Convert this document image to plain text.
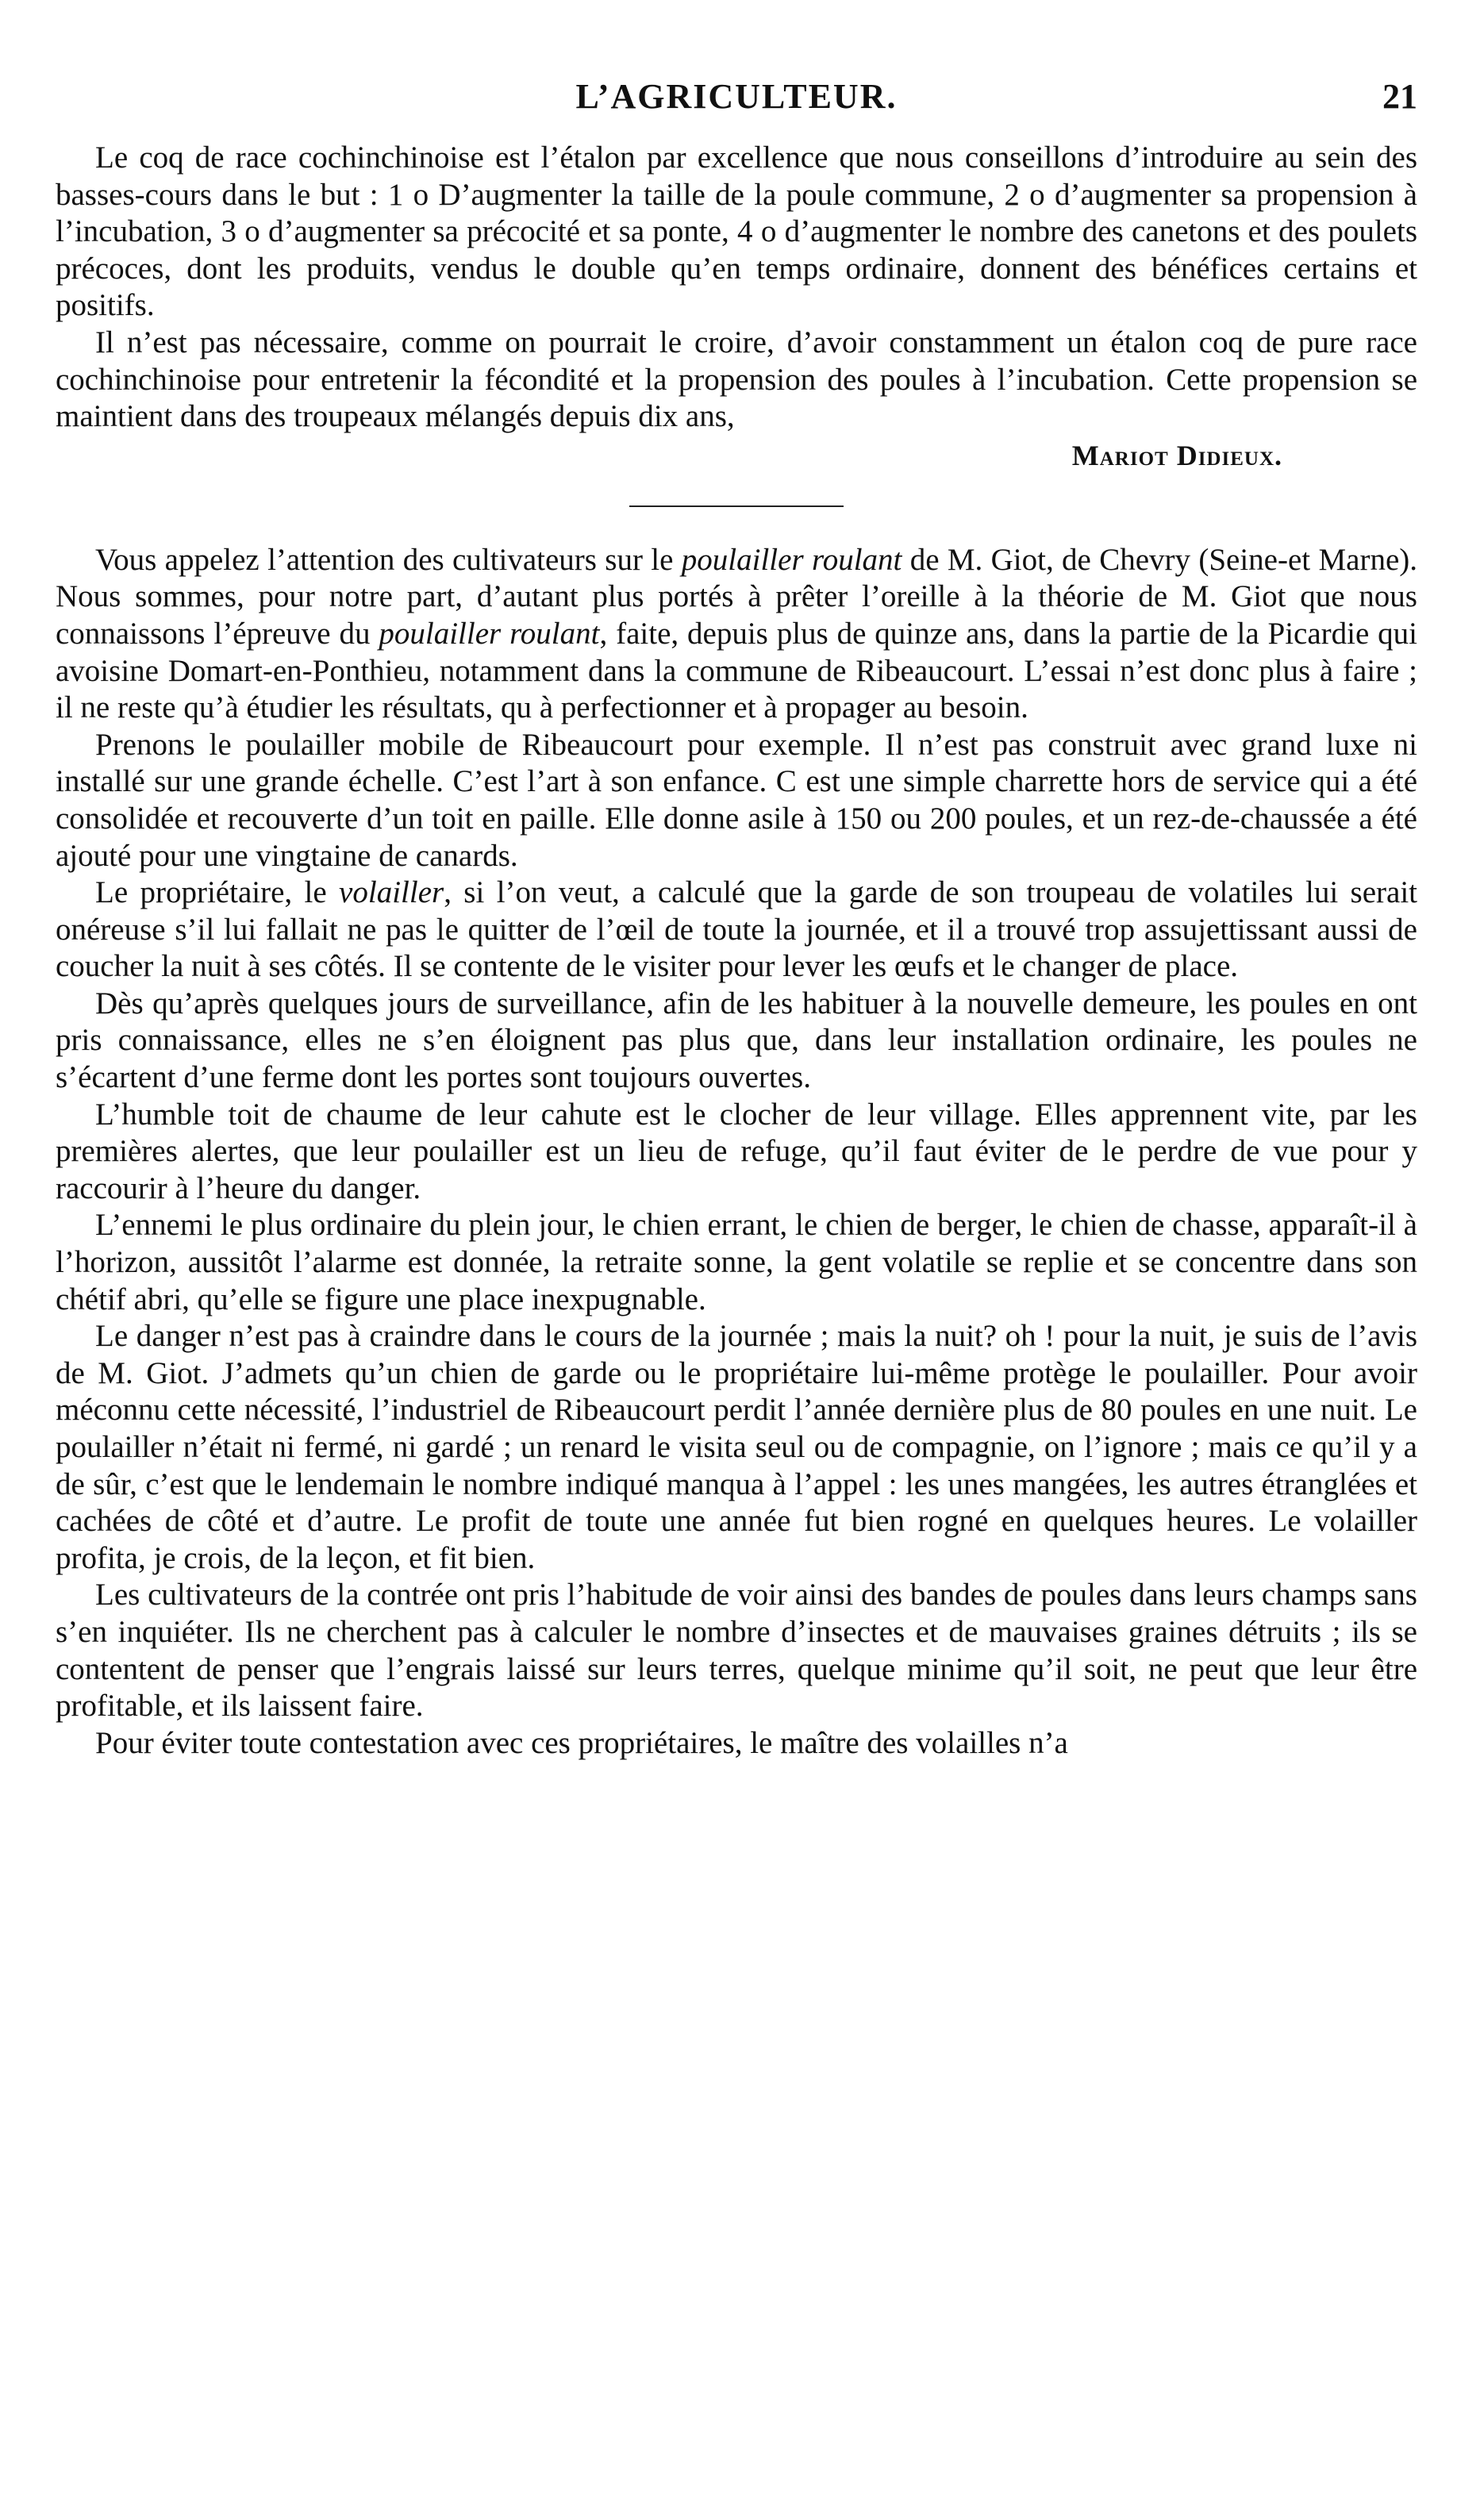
L’AGRICULTEUR.	21

Le coq de race cochinchinoise est l’étalon par excellence que nous conseillons d’introduire au sein des basses-cours dans le but : 1 o D’augmenter la taille de la poule commune, 2 o d’augmenter sa propension à l’incubation, 3 o d’augmenter sa précocité et sa ponte, 4 o d’augmenter le nombre des canetons et des poulets précoces, dont les produits, vendus le double qu’en temps ordinaire, donnent des bénéfices certains et positifs.

Il n’est pas nécessaire, comme on pourrait le croire, d’avoir constamment un étalon coq de pure race cochinchinoise pour entretenir la fécondité et la propension des poules à l’incubation. Cette propension se maintient dans des troupeaux mélangés depuis dix ans,

Mariot Didieux.

Vous appelez l’attention des cultivateurs sur le poulailler roulant de M. Giot, de Chevry (Seine-et Marne). Nous sommes, pour notre part, d’autant plus portés à prêter l’oreille à la théorie de M. Giot que nous connaissons l’épreuve du poulailler roulant, faite, depuis plus de quinze ans, dans la partie de la Picardie qui avoisine Domart-en-Ponthieu, notamment dans la commune de Ribeaucourt. L’essai n’est donc plus à faire ; il ne reste qu’à étudier les résultats, qu à perfectionner et à propager au besoin.

Prenons le poulailler mobile de Ribeaucourt pour exemple. Il n’est pas construit avec grand luxe ni installé sur une grande échelle. C’est l’art à son enfance. C est une simple charrette hors de service qui a été consolidée et recouverte d’un toit en paille. Elle donne asile à 150 ou 200 poules, et un rez-de-chaussée a été ajouté pour une vingtaine de canards.

Le propriétaire, le volailler, si l’on veut, a calculé que la garde de son troupeau de volatiles lui serait onéreuse s’il lui fallait ne pas le quitter de l’œil de toute la journée, et il a trouvé trop assujettissant aussi de coucher la nuit à ses côtés. Il se contente de le visiter pour lever les œufs et le changer de place.

Dès qu’après quelques jours de surveillance, afin de les habituer à la nouvelle demeure, les poules en ont pris connaissance, elles ne s’en éloignent pas plus que, dans leur installation ordinaire, les poules ne s’écartent d’une ferme dont les portes sont toujours ouvertes.

L’humble toit de chaume de leur cahute est le clocher de leur village. Elles apprennent vite, par les premières alertes, que leur poulailler est un lieu de refuge, qu’il faut éviter de le perdre de vue pour y raccourir à l’heure du danger.

L’ennemi le plus ordinaire du plein jour, le chien errant, le chien de berger, le chien de chasse, apparaît-il à l’horizon, aussitôt l’alarme est donnée, la retraite sonne, la gent volatile se replie et se concentre dans son chétif abri, qu’elle se figure une place inexpugnable.

Le danger n’est pas à craindre dans le cours de la journée ; mais la nuit? oh ! pour la nuit, je suis de l’avis de M. Giot. J’admets qu’un chien de garde ou le propriétaire lui-même protège le poulailler. Pour avoir méconnu cette nécessité, l’industriel de Ribeaucourt perdit l’année dernière plus de 80 poules en une nuit. Le poulailler n’était ni fermé, ni gardé ; un renard le visita seul ou de compagnie, on l’ignore ; mais ce qu’il y a de sûr, c’est que le lendemain le nombre indiqué manqua à l’appel : les unes mangées, les autres étranglées et cachées de côté et d’autre. Le profit de toute une année fut bien rogné en quelques heures. Le volailler profita, je crois, de la leçon, et fit bien.

Les cultivateurs de la contrée ont pris l’habitude de voir ainsi des bandes de poules dans leurs champs sans s’en inquiéter. Ils ne cherchent pas à calculer le nombre d’insectes et de mauvaises graines détruits ; ils se contentent de penser que l’engrais laissé sur leurs terres, quelque minime qu’il soit, ne peut que leur être profitable, et ils laissent faire.

Pour éviter toute contestation avec ces propriétaires, le maître des volailles n’a
